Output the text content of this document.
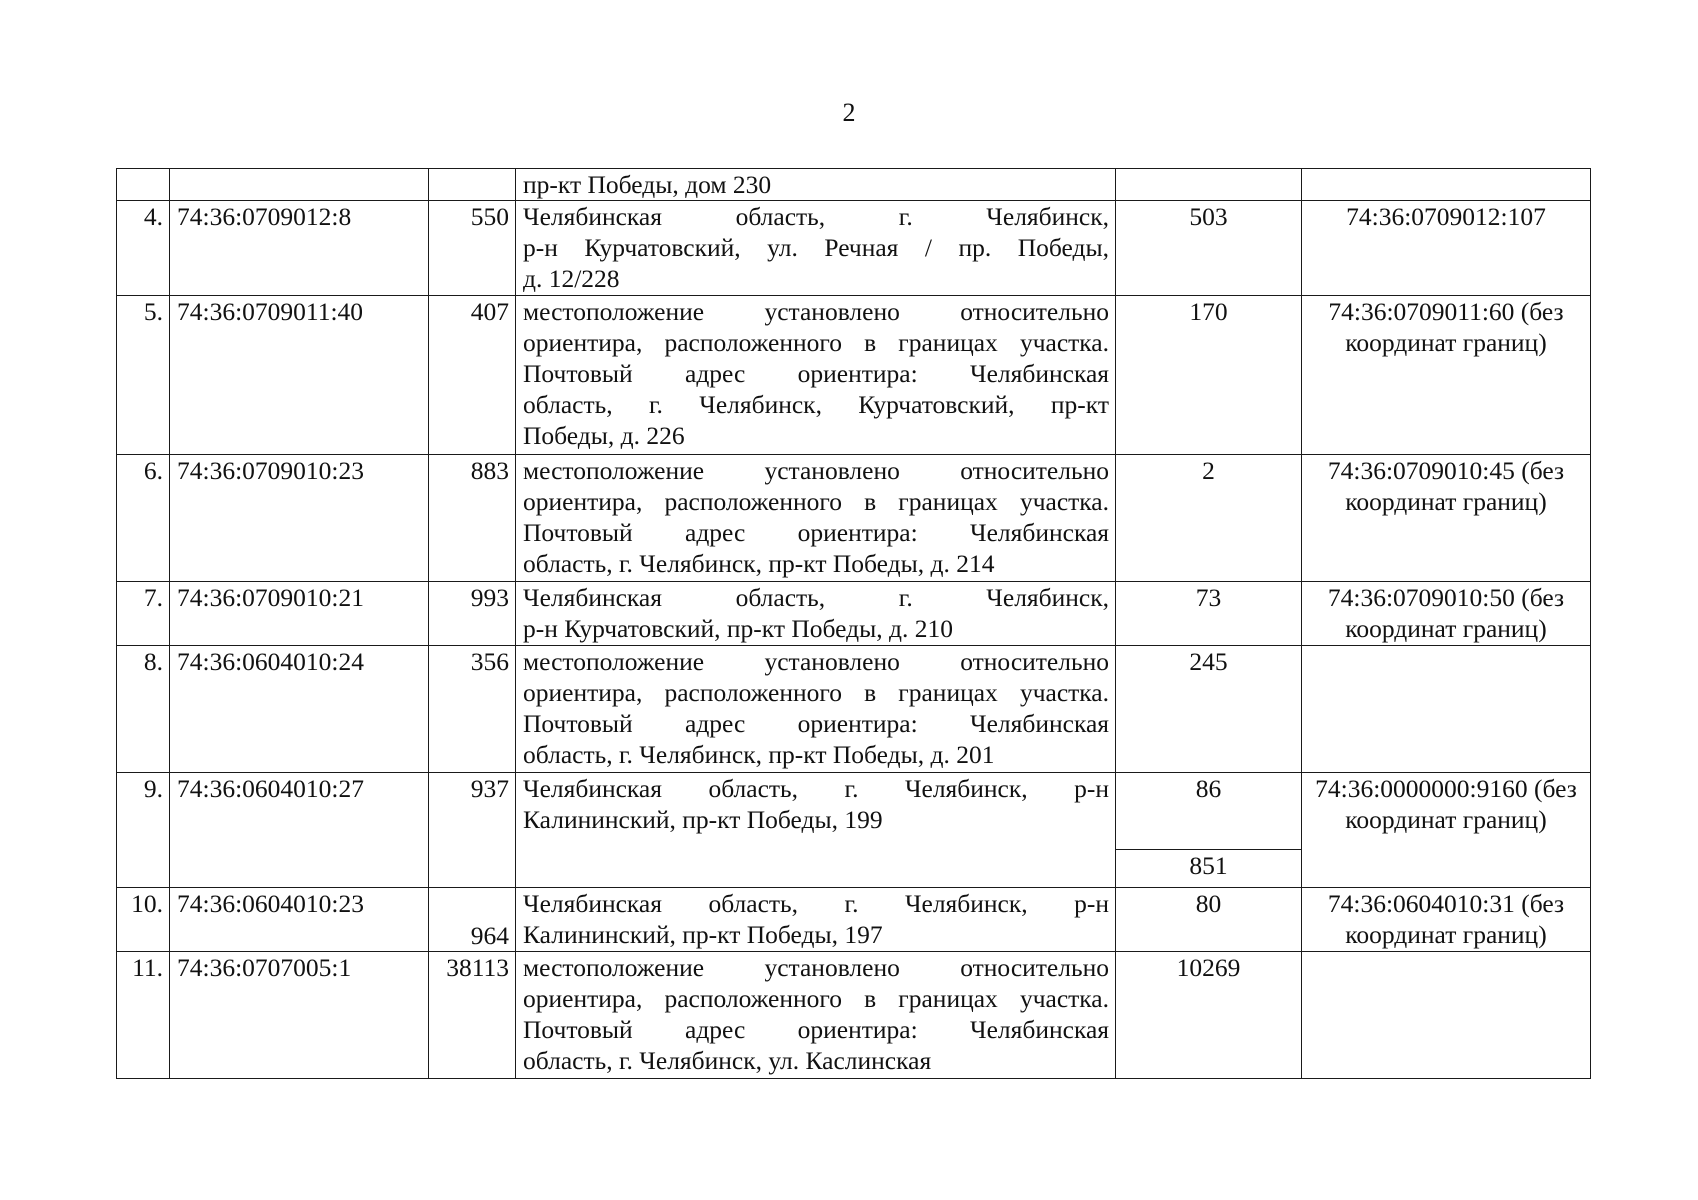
2

			пр-кт Победы, дом 230		

4.	74:36:0709012:8	550	Челябинская область, г. Челябинск,
р-н Курчатовский, ул. Речная / пр. Победы,
д. 12/228	503	74:36:0709012:107
5.	74:36:0709011:40	407	местоположение установлено относительно
ориентира, расположенного в границах участка.
Почтовый адрес ориентира: Челябинская
область, г. Челябинск, Курчатовский, пр-кт
Победы, д. 226	170	74:36:0709011:60 (без координат границ)
6.	74:36:0709010:23	883	местоположение установлено относительно
ориентира, расположенного в границах участка.
Почтовый адрес ориентира: Челябинская
область, г. Челябинск, пр-кт Победы, д. 214	2	74:36:0709010:45 (без координат границ)
7.	74:36:0709010:21	993	Челябинская область, г. Челябинск,
р-н Курчатовский, пр-кт Победы, д. 210	73	74:36:0709010:50 (без координат границ)
8.	74:36:0604010:24	356	местоположение установлено относительно
ориентира, расположенного в границах участка.
Почтовый адрес ориентира: Челябинская
область, г. Челябинск, пр-кт Победы, д. 201	245	
9.	74:36:0604010:27	937	Челябинская область, г. Челябинск, р-н
Калининский, пр-кт Победы, 199	86
851	74:36:0000000:9160 (без координат границ)
10.	74:36:0604010:23	964	Челябинская область, г. Челябинск, р-н
Калининский, пр-кт Победы, 197	80	74:36:0604010:31 (без координат границ)
11.	74:36:0707005:1	38113	местоположение установлено относительно
ориентира, расположенного в границах участка.
Почтовый адрес ориентира: Челябинская
область, г. Челябинск, ул. Каслинская	10269	
